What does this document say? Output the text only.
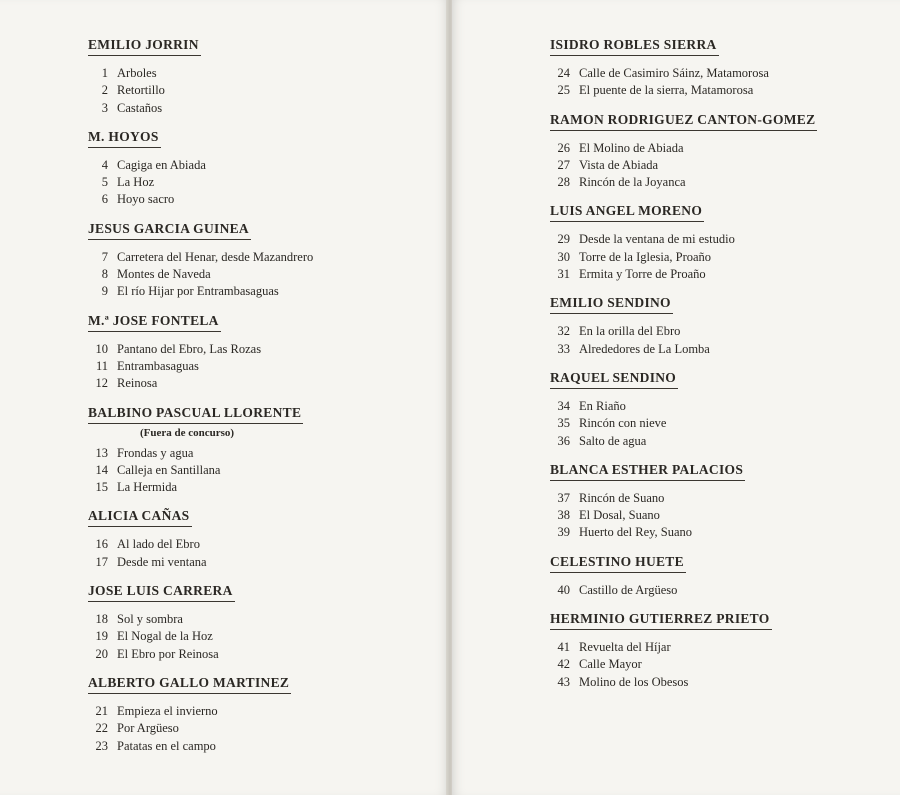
EMILIO JORRIN
1 Arboles
2 Retortillo
3 Castaños
M. HOYOS
4 Cagiga en Abiada
5 La Hoz
6 Hoyo sacro
JESUS GARCIA GUINEA
7 Carretera del Henar, desde Mazandrero
8 Montes de Naveda
9 El río Hijar por Entrambasaguas
M.ª JOSE FONTELA
10 Pantano del Ebro, Las Rozas
11 Entrambasaguas
12 Reinosa
BALBINO PASCUAL LLORENTE
(Fuera de concurso)
13 Frondas y agua
14 Calleja en Santillana
15 La Hermida
ALICIA CAÑAS
16 Al lado del Ebro
17 Desde mi ventana
JOSE LUIS CARRERA
18 Sol y sombra
19 El Nogal de la Hoz
20 El Ebro por Reinosa
ALBERTO GALLO MARTINEZ
21 Empieza el invierno
22 Por Argüeso
23 Patatas en el campo
ISIDRO ROBLES SIERRA
24 Calle de Casimiro Sáinz, Matamorosa
25 El puente de la sierra, Matamorosa
RAMON RODRIGUEZ CANTON-GOMEZ
26 El Molino de Abiada
27 Vista de Abiada
28 Rincón de la Joyanca
LUIS ANGEL MORENO
29 Desde la ventana de mi estudio
30 Torre de la Iglesia, Proaño
31 Ermita y Torre de Proaño
EMILIO SENDINO
32 En la orilla del Ebro
33 Alrededores de La Lomba
RAQUEL SENDINO
34 En Riaño
35 Rincón con nieve
36 Salto de agua
BLANCA ESTHER PALACIOS
37 Rincón de Suano
38 El Dosal, Suano
39 Huerto del Rey, Suano
CELESTINO HUETE
40 Castillo de Argüeso
HERMINIO GUTIERREZ PRIETO
41 Revuelta del Híjar
42 Calle Mayor
43 Molino de los Obesos
